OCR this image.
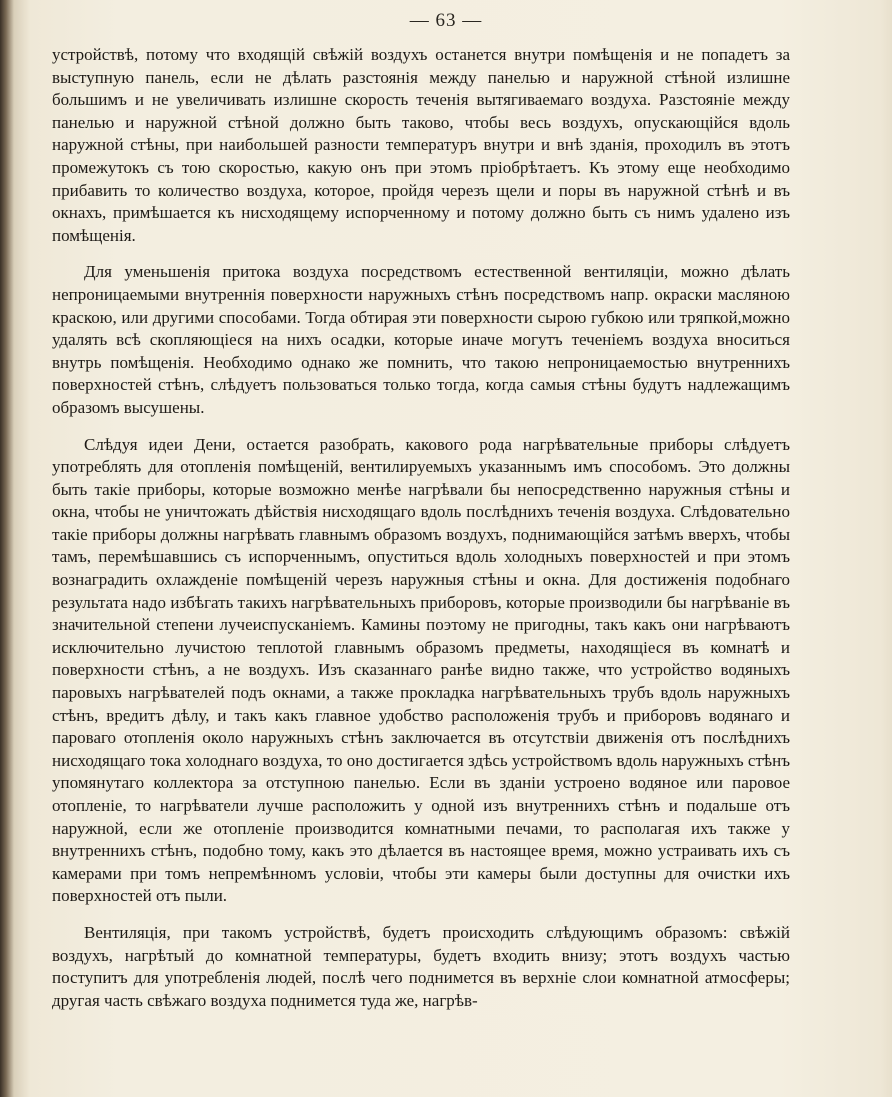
— 63 —

устройствѣ, потому что входящій свѣжій воздухъ останется внутри помѣщенія и не попадетъ за выступную панель, если не дѣлать разстоянія между панелью и наружной стѣной излишне большимъ и не увеличивать излишне скорость теченія вытягиваемаго воздуха. Разстояніе между панелью и наружной стѣной должно быть таково, чтобы весь воздухъ, опускающійся вдоль наружной стѣны, при наибольшей разности температуръ внутри и внѣ зданія, проходилъ въ этотъ промежутокъ съ тою скоростью, какую онъ при этомъ пріобрѣтаетъ. Къ этому еще необходимо прибавить то количество воздуха, которое, пройдя черезъ щели и поры въ наружной стѣнѣ и въ окнахъ, примѣшается къ нисходящему испорченному и потому должно быть съ нимъ удалено изъ помѣщенія.

Для уменьшенія притока воздуха посредствомъ естественной вентиляціи, можно дѣлать непроницаемыми внутреннія поверхности наружныхъ стѣнъ посредствомъ напр. окраски масляною краскою, или другими способами. Тогда обтирая эти поверхности сырою губкою или тряпкой,можно удалять всѣ скопляющіеся на нихъ осадки, которые иначе могутъ теченіемъ воздуха вноситься внутрь помѣщенія. Необходимо однако же помнить, что такою непроницаемостью внутреннихъ поверхностей стѣнъ, слѣдуетъ пользоваться только тогда, когда самыя стѣны будутъ надлежащимъ образомъ высушены.

Слѣдуя идеи Дени, остается разобрать, какового рода нагрѣвательные приборы слѣдуетъ употреблять для отопленія помѣщеній, вентилируемыхъ указаннымъ имъ способомъ. Это должны быть такіе приборы, которые возможно менѣе нагрѣвали бы непосредственно наружныя стѣны и окна, чтобы не уничтожать дѣйствія нисходящаго вдоль послѣднихъ теченія воздуха. Слѣдовательно такіе приборы должны нагрѣвать главнымъ образомъ воздухъ, поднимающійся затѣмъ вверхъ, чтобы тамъ, перемѣшавшись съ испорченнымъ, опуститься вдоль холодныхъ поверхностей и при этомъ вознаградить охлажденіе помѣщеній черезъ наружныя стѣны и окна. Для достиженія подобнаго результата надо избѣгать такихъ нагрѣвательныхъ приборовъ, которые производили бы нагрѣваніе въ значительной степени лучеиспусканіемъ. Камины поэтому не пригодны, такъ какъ они нагрѣваютъ исключительно лучистою теплотой главнымъ образомъ предметы, находящіеся въ комнатѣ и поверхности стѣнъ, а не воздухъ. Изъ сказаннаго ранѣе видно также, что устройство водяныхъ паровыхъ нагрѣвателей подъ окнами, а также прокладка нагрѣвательныхъ трубъ вдоль наружныхъ стѣнъ, вредитъ дѣлу, и такъ какъ главное удобство расположенія трубъ и приборовъ водянаго и пароваго отопленія около наружныхъ стѣнъ заключается въ отсутствіи движенія отъ послѣднихъ нисходящаго тока холоднаго воздуха, то оно достигается здѣсь устройствомъ вдоль наружныхъ стѣнъ упомянутаго коллектора за отступною панелью. Если въ зданіи устроено водяное или паровое отопленіе, то нагрѣватели лучше расположить у одной изъ внутреннихъ стѣнъ и подальше отъ наружной, если же отопленіе производится комнатными печами, то располагая ихъ также у внутреннихъ стѣнъ, подобно тому, какъ это дѣлается въ настоящее время, можно устраивать ихъ съ камерами при томъ непремѣнномъ условіи, чтобы эти камеры были доступны для очистки ихъ поверхностей отъ пыли.

Вентиляція, при такомъ устройствѣ, будетъ происходить слѣдующимъ образомъ: свѣжій воздухъ, нагрѣтый до комнатной температуры, будетъ входить внизу; этотъ воздухъ частью поступитъ для употребленія людей, послѣ чего поднимется въ верхніе слои комнатной атмосферы; другая часть свѣжаго воздуха поднимется туда же, нагрѣв-
